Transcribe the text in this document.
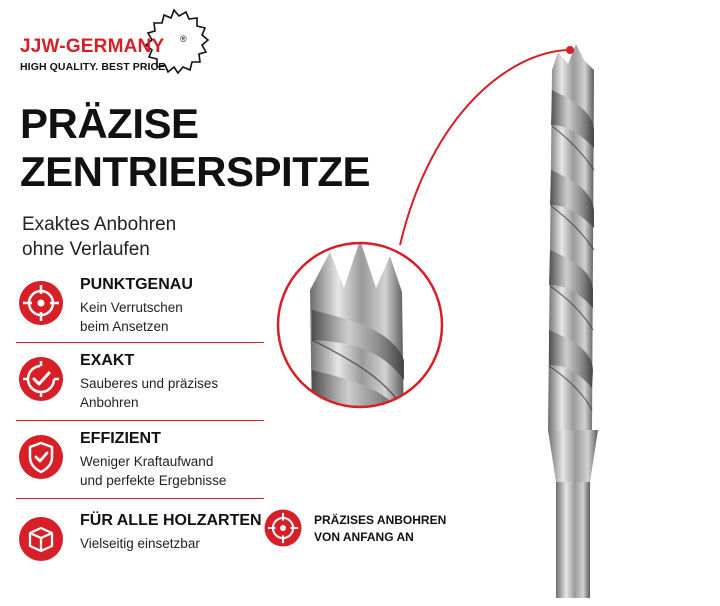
JJW-GERMANY ®
HIGH QUALITY. BEST PRICE.
PRÄZISE
ZENTRIERSPITZE
Exaktes Anbohren
ohne Verlaufen
PUNKTGENAU
Kein Verrutschen
beim Ansetzen
EXAKT
Sauberes und präzises
Anbohren
EFFIZIENT
Weniger Kraftaufwand
und perfekte Ergebnisse
FÜR ALLE HOLZARTEN
Vielseitig einsetzbar
PRÄZISES ANBOHREN
VON ANFANG AN
